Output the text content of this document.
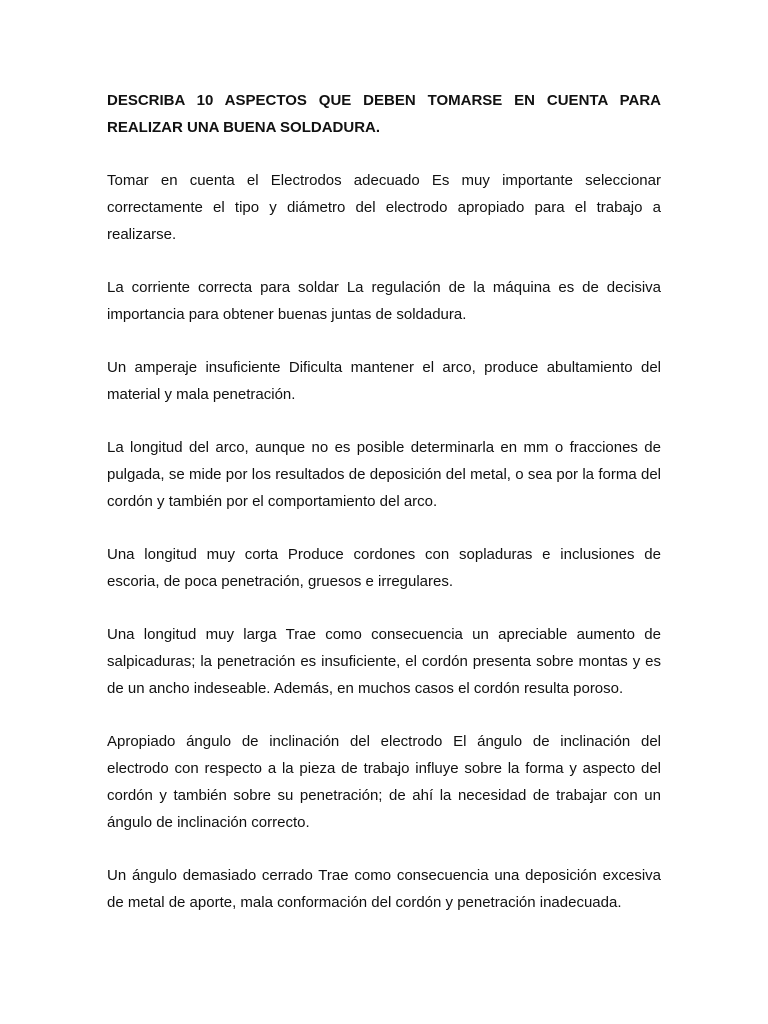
DESCRIBA 10 ASPECTOS QUE DEBEN TOMARSE EN CUENTA PARA REALIZAR UNA BUENA SOLDADURA.

Tomar en cuenta el Electrodos adecuado Es muy importante seleccionar correctamente el tipo y diámetro del electrodo apropiado para el trabajo a realizarse.

La corriente correcta para soldar La regulación de la máquina es de decisiva importancia para obtener buenas juntas de soldadura.

Un amperaje insuficiente Dificulta mantener el arco, produce abultamiento del material y mala penetración.

La longitud del arco, aunque no es posible determinarla en mm o fracciones de pulgada, se mide por los resultados de deposición del metal, o sea por la forma del cordón y también por el comportamiento del arco.

Una longitud muy corta Produce cordones con sopladuras e inclusiones de escoria, de poca penetración, gruesos e irregulares.

Una longitud muy larga Trae como consecuencia un apreciable aumento de salpicaduras; la penetración es insuficiente, el cordón presenta sobre montas y es de un ancho indeseable. Además, en muchos casos el cordón resulta poroso.

Apropiado ángulo de inclinación del electrodo El ángulo de inclinación del electrodo con respecto a la pieza de trabajo influye sobre la forma y aspecto del cordón y también sobre su penetración; de ahí la necesidad de trabajar con un ángulo de inclinación correcto.

Un ángulo demasiado cerrado Trae como consecuencia una deposición excesiva de metal de aporte, mala conformación del cordón y penetración inadecuada.
